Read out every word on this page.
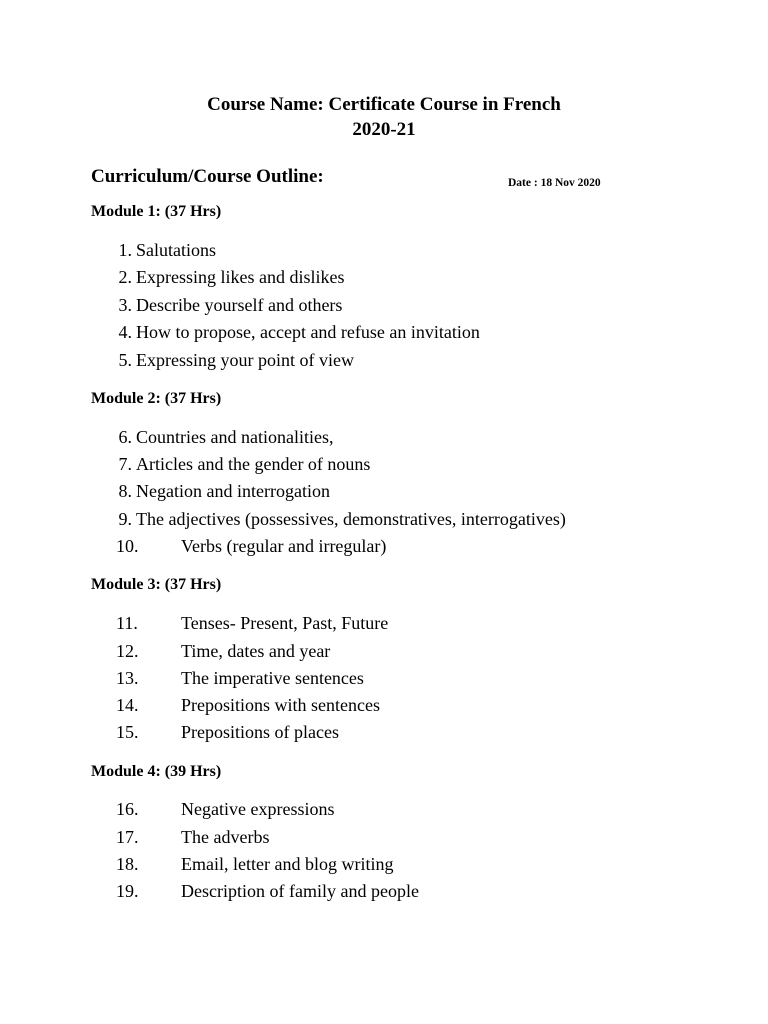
Course Name: Certificate Course in French
2020-21
Curriculum/Course Outline:	Date : 18 Nov 2020
Module 1: (37 Hrs)
1. Salutations
2. Expressing likes and dislikes
3. Describe yourself and others
4. How to propose, accept and refuse an invitation
5. Expressing your point of view
Module 2: (37 Hrs)
6. Countries and nationalities,
7. Articles and the gender of nouns
8. Negation and interrogation
9. The adjectives (possessives, demonstratives, interrogatives)
10. Verbs (regular and irregular)
Module 3: (37 Hrs)
11. Tenses- Present, Past, Future
12. Time, dates and year
13. The imperative sentences
14. Prepositions with sentences
15. Prepositions of places
Module 4: (39 Hrs)
16. Negative expressions
17. The adverbs
18. Email, letter and blog writing
19. Description of family and people
